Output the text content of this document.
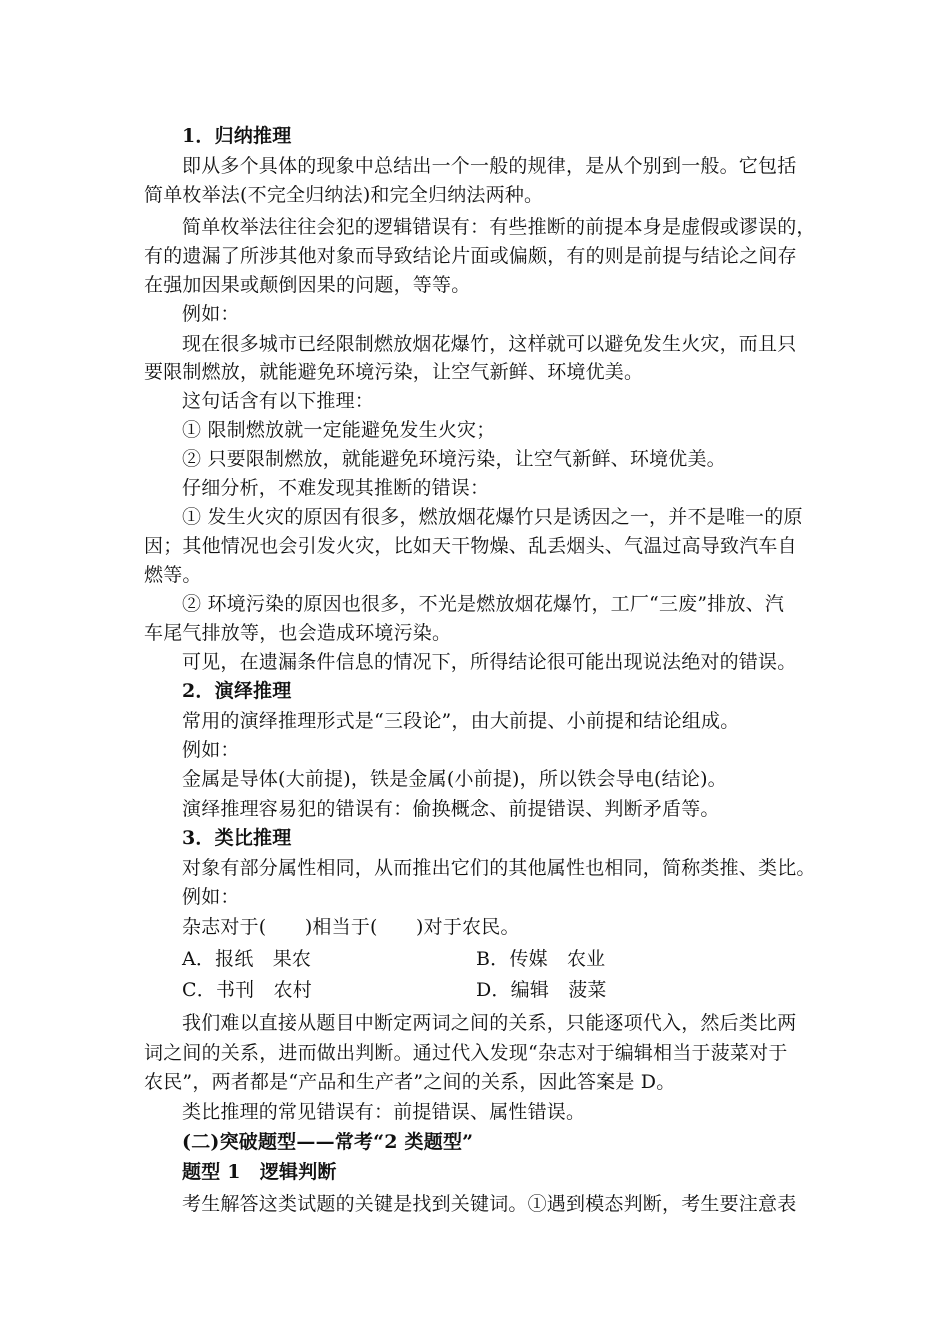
1．归纳推理
即从多个具体的现象中总结出一个一般的规律，是从个别到一般。它包括
简单枚举法(不完全归纳法)和完全归纳法两种。
简单枚举法往往会犯的逻辑错误有：有些推断的前提本身是虚假或谬误的，
有的遗漏了所涉其他对象而导致结论片面或偏颇，有的则是前提与结论之间存
在强加因果或颠倒因果的问题，等等。
例如：
现在很多城市已经限制燃放烟花爆竹，这样就可以避免发生火灾，而且只
要限制燃放，就能避免环境污染，让空气新鲜、环境优美。
这句话含有以下推理：
① 限制燃放就一定能避免发生火灾；
② 只要限制燃放，就能避免环境污染，让空气新鲜、环境优美。
仔细分析，不难发现其推断的错误：
① 发生火灾的原因有很多，燃放烟花爆竹只是诱因之一，并不是唯一的原
因；其他情况也会引发火灾，比如天干物燥、乱丢烟头、气温过高导致汽车自
燃等。
② 环境污染的原因也很多，不光是燃放烟花爆竹，工厂“三废”排放、汽
车尾气排放等，也会造成环境污染。
可见，在遗漏条件信息的情况下，所得结论很可能出现说法绝对的错误。
2．演绎推理
常用的演绎推理形式是“三段论”，由大前提、小前提和结论组成。
例如：
金属是导体(大前提)，铁是金属(小前提)，所以铁会导电(结论)。
演绎推理容易犯的错误有：偷换概念、前提错误、判断矛盾等。
3．类比推理
对象有部分属性相同，从而推出它们的其他属性也相同，简称类推、类比。
例如：
杂志对于(　　)相当于(　　)对于农民。
A．报纸　果农	B．传媒　农业
C．书刊　农村	D．编辑　菠菜
我们难以直接从题目中断定两词之间的关系，只能逐项代入，然后类比两
词之间的关系，进而做出判断。通过代入发现“杂志对于编辑相当于菠菜对于
农民”，两者都是“产品和生产者”之间的关系，因此答案是 D。
类比推理的常见错误有：前提错误、属性错误。
(二)突破题型——常考“2 类题型”
题型 1　逻辑判断
考生解答这类试题的关键是找到关键词。①遇到模态判断，考生要注意表
